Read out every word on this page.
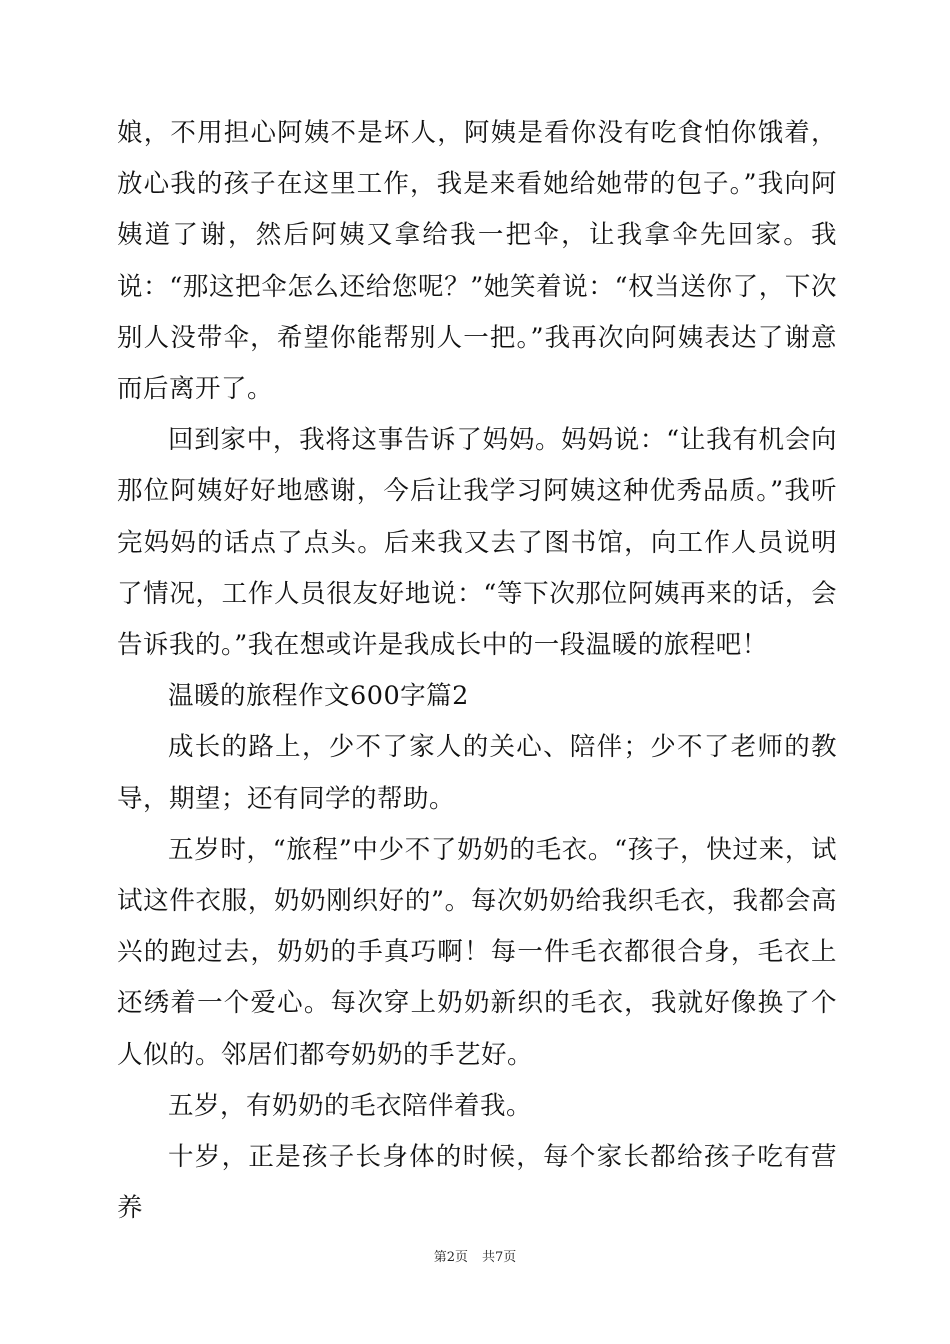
娘，不用担心阿姨不是坏人，阿姨是看你没有吃食怕你饿着，放心我的孩子在这里工作，我是来看她给她带的包子。”我向阿姨道了谢，然后阿姨又拿给我一把伞，让我拿伞先回家。我说：“那这把伞怎么还给您呢？”她笑着说：“权当送你了，下次别人没带伞，希望你能帮别人一把。”我再次向阿姨表达了谢意而后离开了。

回到家中，我将这事告诉了妈妈。妈妈说：“让我有机会向那位阿姨好好地感谢，今后让我学习阿姨这种优秀品质。”我听完妈妈的话点了点头。后来我又去了图书馆，向工作人员说明了情况，工作人员很友好地说：“等下次那位阿姨再来的话，会告诉我的。”我在想或许是我成长中的一段温暖的旅程吧！

温暖的旅程作文600字篇2

成长的路上，少不了家人的关心、陪伴；少不了老师的教导，期望；还有同学的帮助。

五岁时，“旅程”中少不了奶奶的毛衣。“孩子，快过来，试试这件衣服，奶奶刚织好的”。每次奶奶给我织毛衣，我都会高兴的跑过去，奶奶的手真巧啊！每一件毛衣都很合身，毛衣上还绣着一个爱心。每次穿上奶奶新织的毛衣，我就好像换了个人似的。邻居们都夸奶奶的手艺好。

五岁，有奶奶的毛衣陪伴着我。

十岁，正是孩子长身体的时候，每个家长都给孩子吃有营养

第2页 共7页
